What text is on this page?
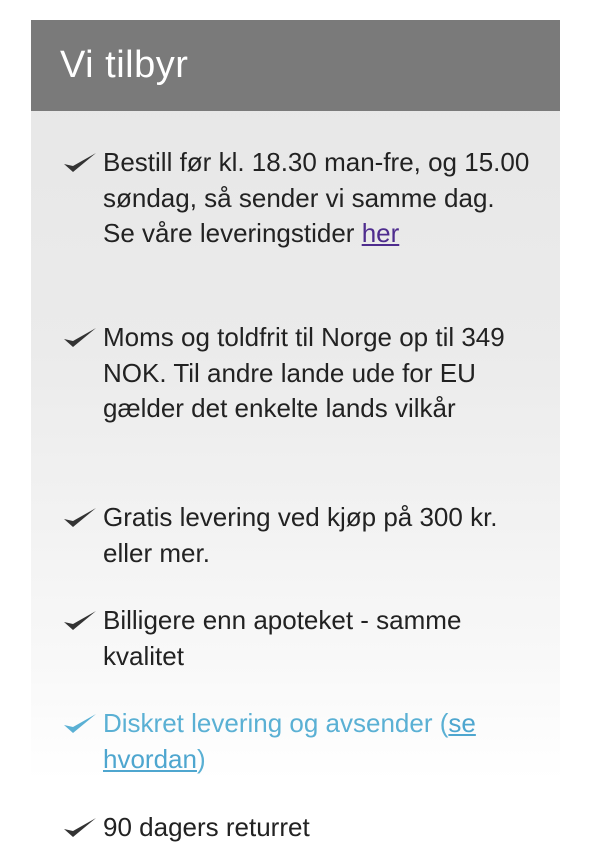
Vi tilbyr
Bestill før kl. 18.30 man-fre, og 15.00 søndag, så sender vi samme dag. Se våre leveringstider her
Moms og toldfrit til Norge op til 349 NOK. Til andre lande ude for EU gælder det enkelte lands vilkår
Gratis levering ved kjøp på 300 kr. eller mer.
Billigere enn apoteket - samme kvalitet
Diskret levering og avsender (se hvordan)
90 dagers returret
